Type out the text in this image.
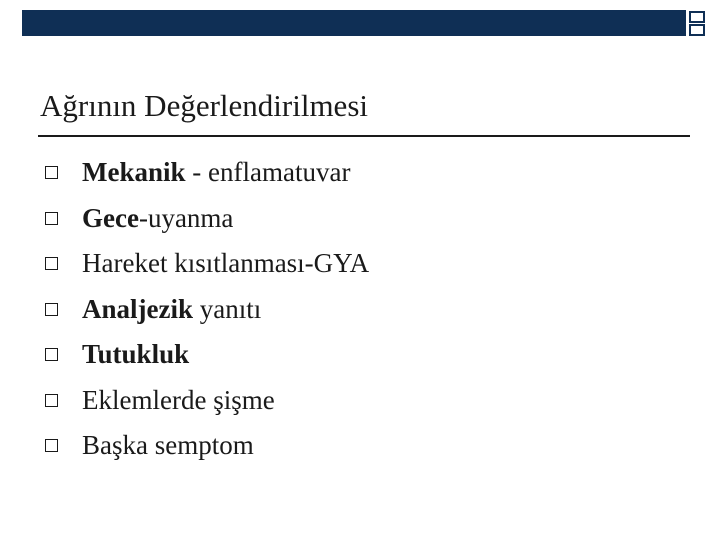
Ağrının Değerlendirilmesi
Mekanik - enflamatuvar
Gece-uyanma
Hareket kısıtlanması-GYA
Analjezik yanıtı
Tutukluk
Eklemlerde şişme
Başka semptom
